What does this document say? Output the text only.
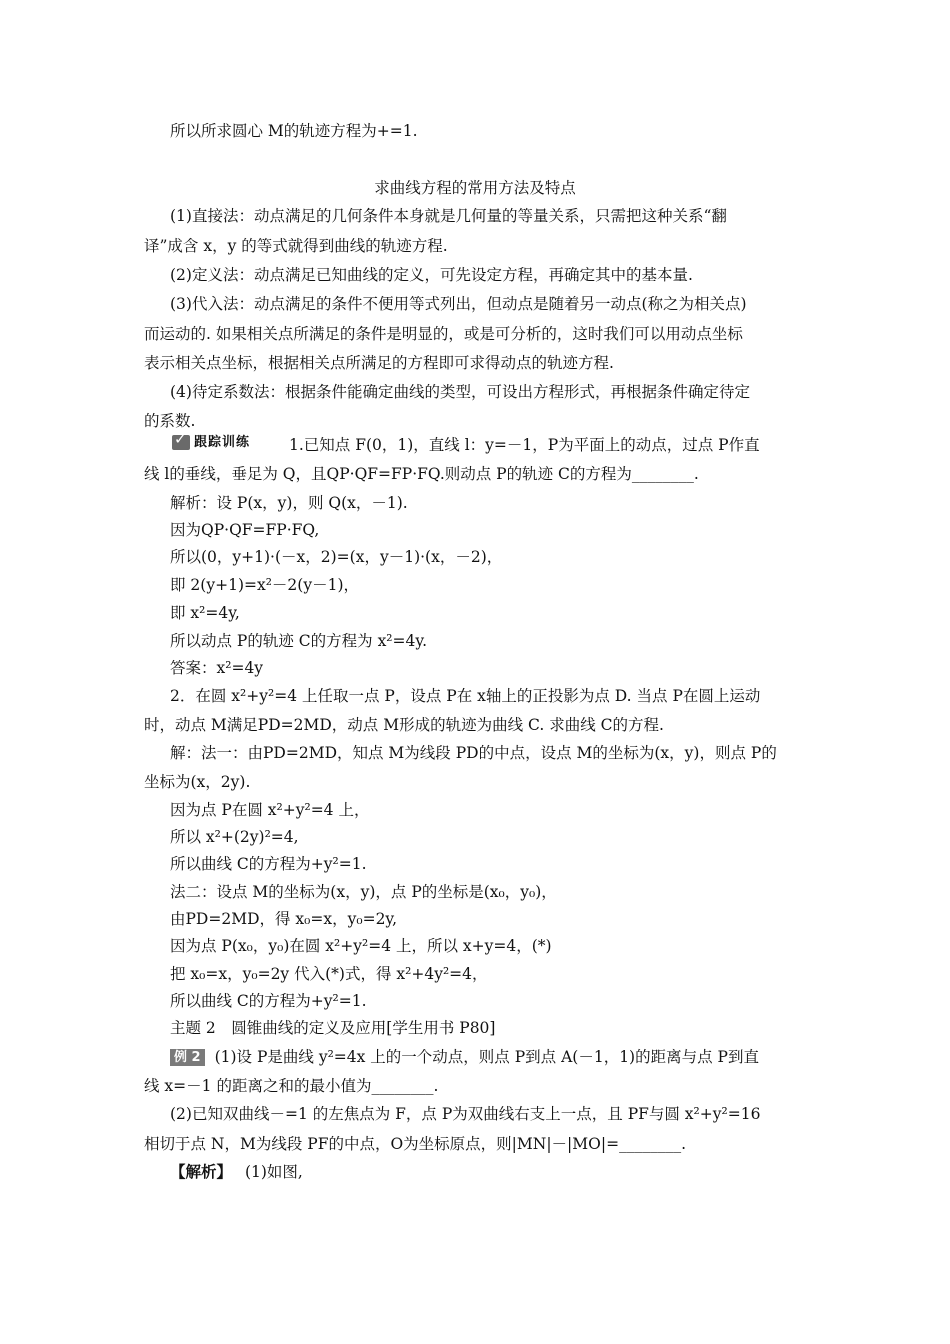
所以所求圆心 M的轨迹方程为+=1.
求曲线方程的常用方法及特点
(1)直接法：动点满足的几何条件本身就是几何量的等量关系，只需把这种关系“翻
译”成含 x，y 的等式就得到曲线的轨迹方程.
(2)定义法：动点满足已知曲线的定义，可先设定方程，再确定其中的基本量.
(3)代入法：动点满足的条件不便用等式列出，但动点是随着另一动点(称之为相关点)
而运动的. 如果相关点所满足的条件是明显的，或是可分析的，这时我们可以用动点坐标
表示相关点坐标，根据相关点所满足的方程即可求得动点的轨迹方程.
(4)待定系数法：根据条件能确定曲线的类型，可设出方程形式，再根据条件确定待定
的系数.
✓ 跟踪训练	1.已知点 F(0，1)，直线 l：y=－1，P为平面上的动点，过点 P作直
线 l的垂线，垂足为 Q，且QP·QF=FP·FQ.则动点 P的轨迹 C的方程为________.
解析：设 P(x，y)，则 Q(x，－1).
因为QP·QF=FP·FQ,
所以(0，y+1)·(－x，2)=(x，y－1)·(x，－2)，
即 2(y+1)=x²－2(y－1)，
即 x²=4y,
所以动点 P的轨迹 C的方程为 x²=4y.
答案：x²=4y
2．在圆 x²+y²=4 上任取一点 P，设点 P在 x轴上的正投影为点 D. 当点 P在圆上运动
时，动点 M满足PD=2MD，动点 M形成的轨迹为曲线 C. 求曲线 C的方程.
解：法一：由PD=2MD，知点 M为线段 PD的中点，设点 M的坐标为(x，y)，则点 P的
坐标为(x，2y).
因为点 P在圆 x²+y²=4 上，
所以 x²+(2y)²=4,
所以曲线 C的方程为+y²=1.
法二：设点 M的坐标为(x，y)，点 P的坐标是(x₀，y₀)，
由PD=2MD，得 x₀=x，y₀=2y,
因为点 P(x₀，y₀)在圆 x²+y²=4 上，所以 x+y=4，(*)
把 x₀=x，y₀=2y 代入(*)式，得 x²+4y²=4，
所以曲线 C的方程为+y²=1.
主题 2　圆锥曲线的定义及应用[学生用书 P80]
例 2 (1)设 P是曲线 y²=4x 上的一个动点，则点 P到点 A(－1，1)的距离与点 P到直
线 x=－1 的距离之和的最小值为________.
(2)已知双曲线－=1 的左焦点为 F，点 P为双曲线右支上一点，且 PF与圆 x²+y²=16
相切于点 N，M为线段 PF的中点，O为坐标原点，则|MN|－|MO|=________.
【解析】 (1)如图,
